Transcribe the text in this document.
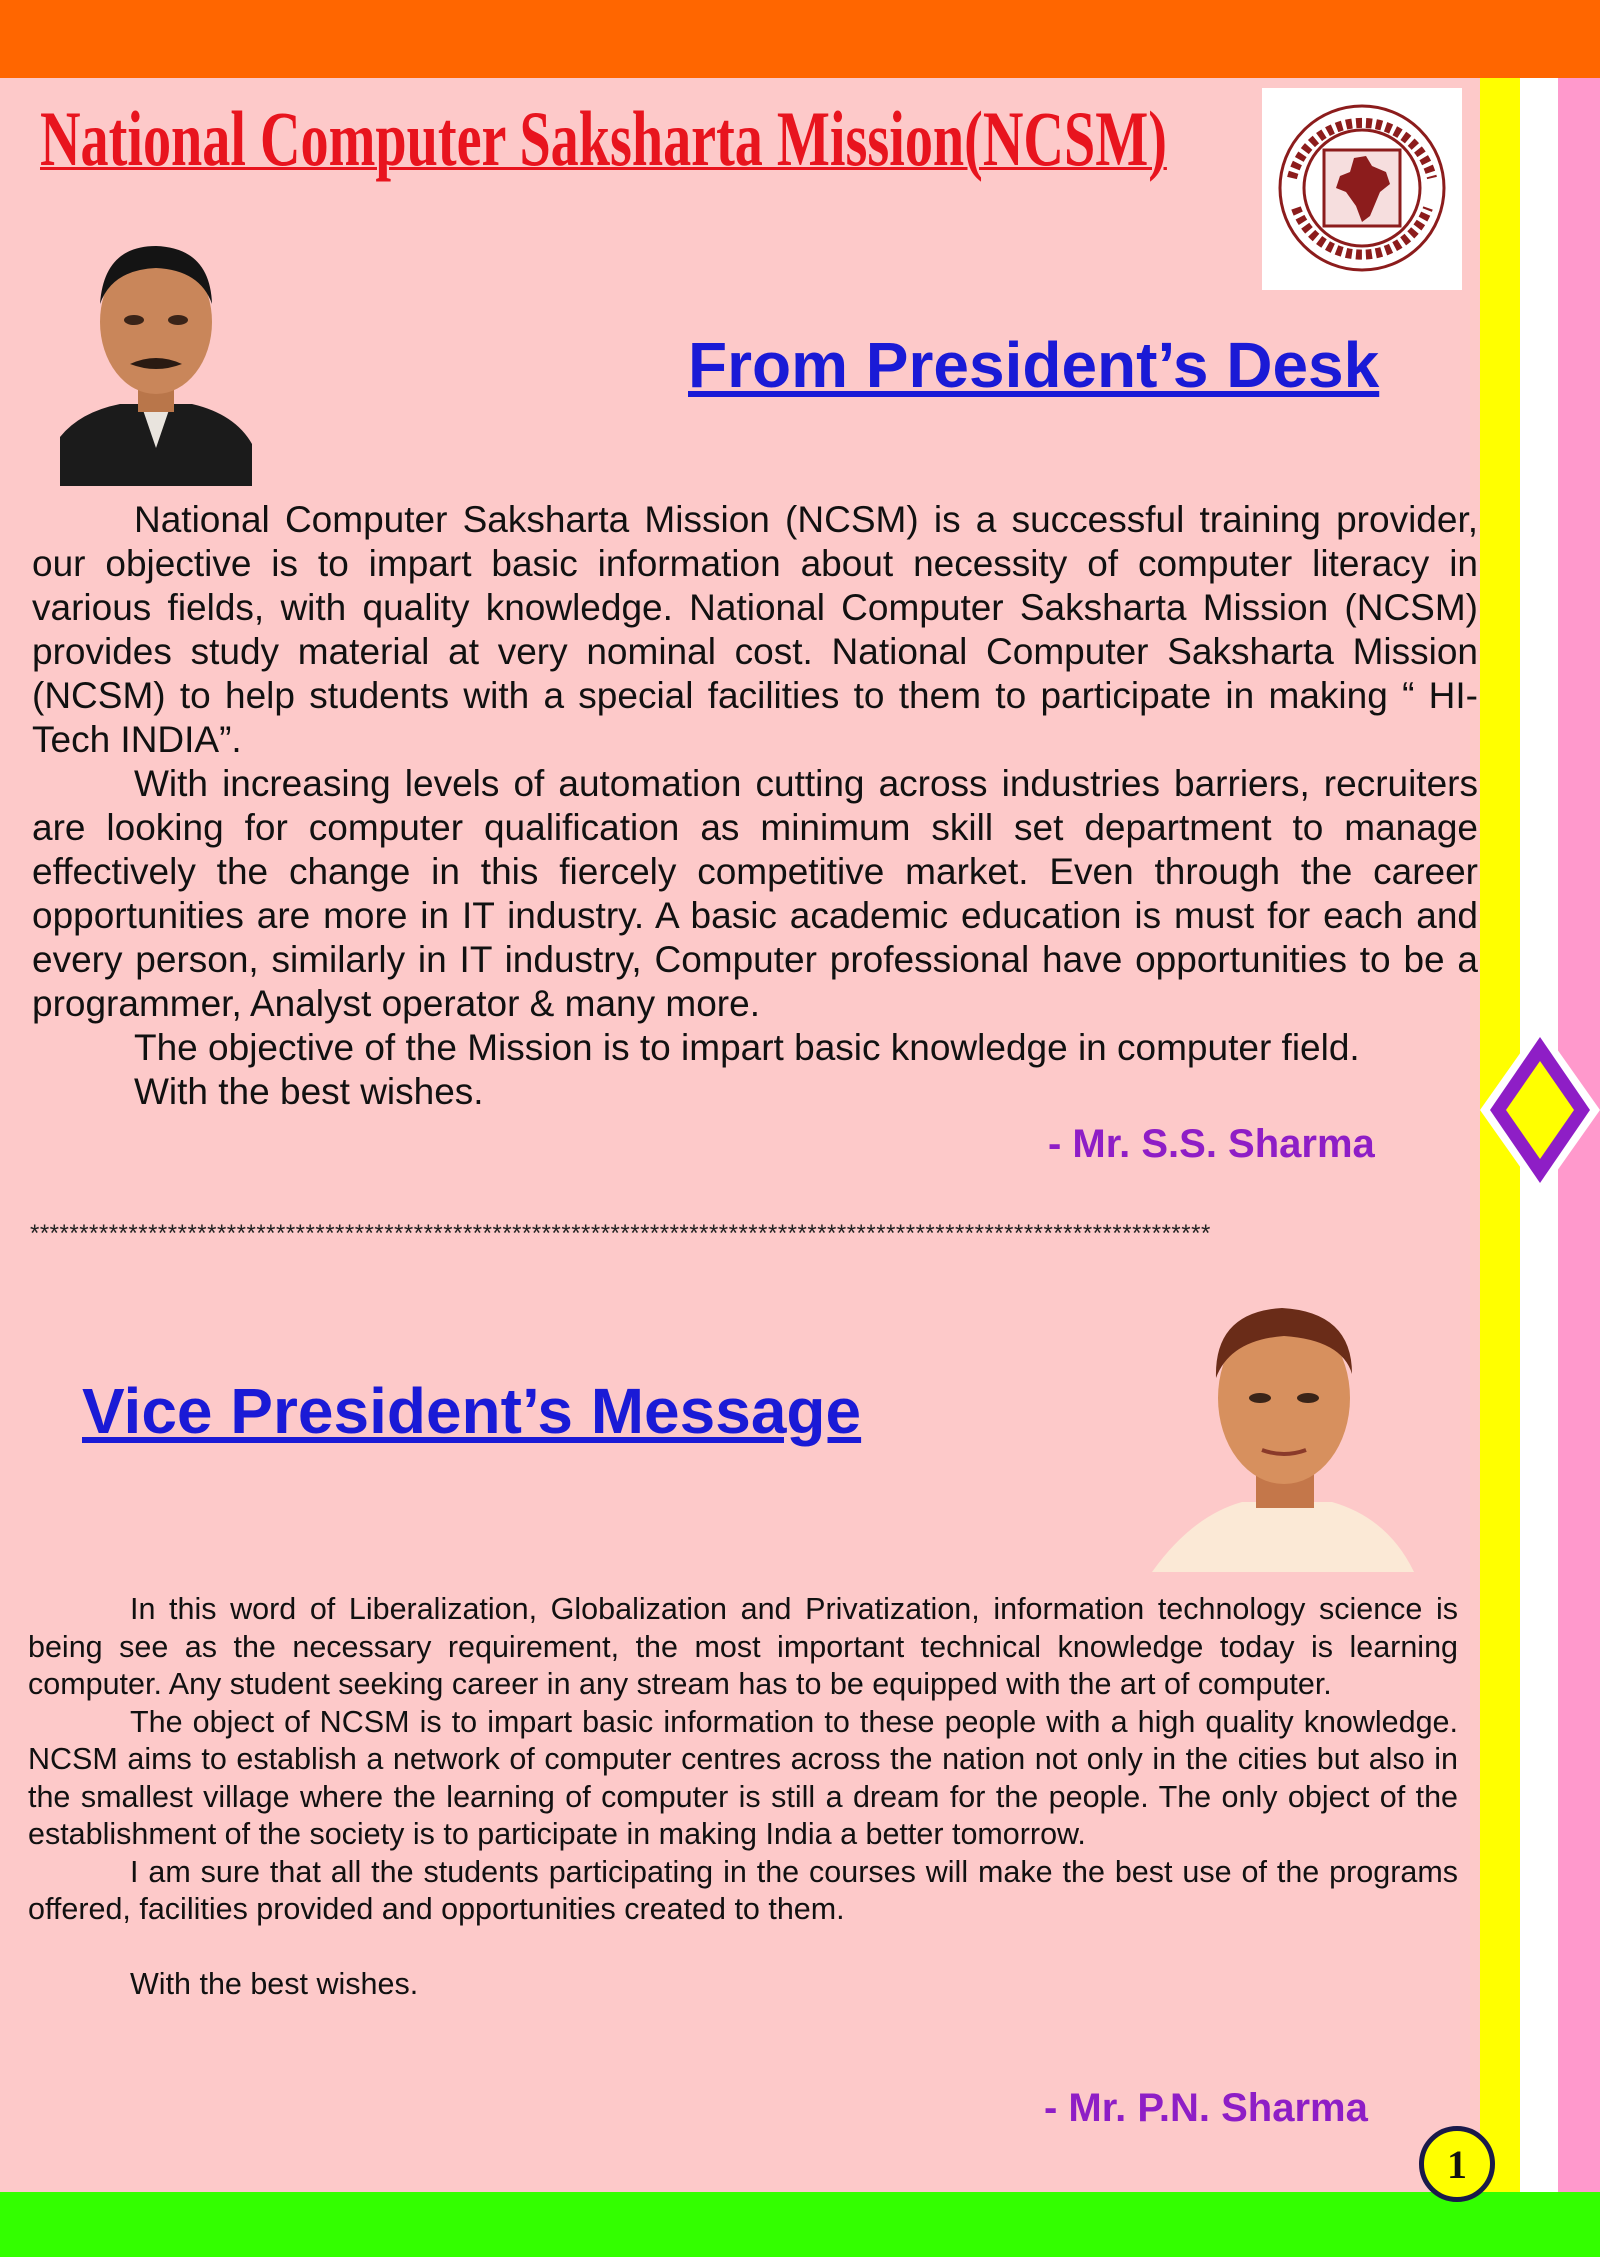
National Computer Saksharta Mission(NCSM)
From President’s Desk

National Computer Saksharta Mission (NCSM) is a successful training provider, our objective is to impart basic information about necessity of computer literacy in various fields, with quality knowledge. National Computer Saksharta Mission (NCSM) provides study material at very nominal cost. National Computer Saksharta Mission (NCSM) to help students with a special facilities to them to participate in making “ HI-Tech INDIA”.

With increasing levels of automation cutting across industries barriers, recruiters are looking for computer qualification as minimum skill set department to manage effectively the change in this fiercely competitive market. Even through the career opportunities are more in IT industry. A basic academic education is must for each and every person, similarly in IT industry, Computer professional have opportunities to be a programmer, Analyst operator & many more.

The objective of the Mission is to impart basic knowledge in computer field.

With the best wishes.

- Mr. S.S. Sharma
************************************************************************************************************************
Vice President’s Message

In this word of Liberalization, Globalization and Privatization, information technology science is being see as the necessary requirement, the most important technical knowledge today is learning computer. Any student seeking career in any stream has to be equipped with the art of computer.

The object of NCSM is to impart basic information to these people with a high quality knowledge. NCSM aims to establish a network of computer centres across the nation not only in the cities but also in the smallest village where the learning of computer is still a dream for the people. The only object of the establishment of the society is to participate in making India a better tomorrow.

I am sure that all the students participating in the courses will make the best use of the programs offered, facilities provided and opportunities created to them.

With the best wishes.

- Mr. P.N. Sharma
1
